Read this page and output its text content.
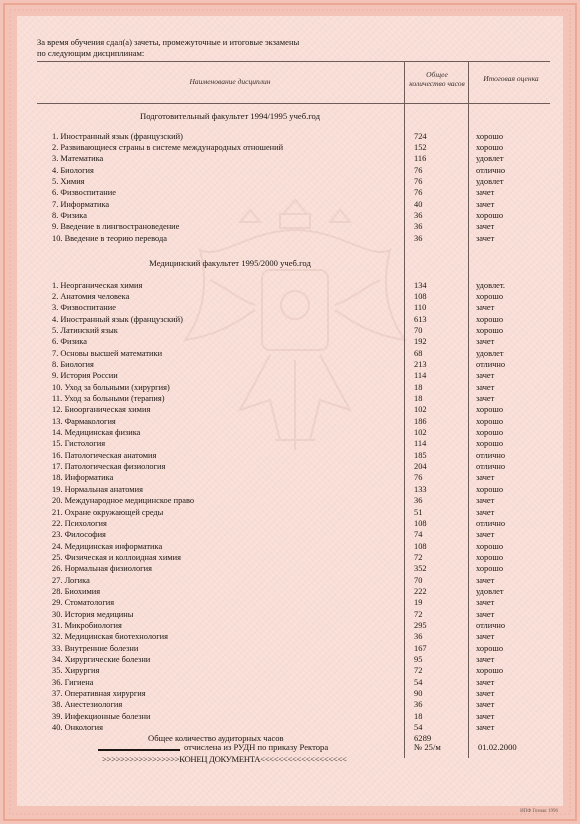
За время обучения сдал(а) зачеты, промежуточные и итоговые экзамены
по следующим дисциплинам:
Наименование дисциплин
Общее количество часов	Итоговая оценка
Подготовительный факультет 1994/1995 учеб.год
1. Иностранный язык (французский)	724	хорошо
2. Развивающиеся страны в системе международных отношений	152	хорошо
3. Математика	116	удовлет
4. Биология	76	отлично
5. Химия	76	удовлет
6. Физвоспитание	76	зачет
7. Информатика	40	зачет
8. Физика	36	хорошо
9. Введение в лингвострановедение	36	зачет
10. Введение в теорию перевода	36	зачет
Медицинский факультет 1995/2000 учеб.год
1. Неорганическая химия	134	удовлет.
2. Анатомия человека	108	хорошо
3. Физвоспитание	110	зачет
4. Иностранный язык (французский)	613	хорошо
5. Латинский язык	70	хорошо
6. Физика	192	зачет
7. Основы высшей математики	68	удовлет
8. Биология	213	отлично
9. История России	114	зачет
10. Уход за больными (хирургия)	18	зачет
11. Уход за больными (терапия)	18	зачет
12. Биоорганическая химия	102	хорошо
13. Фармакология	186	хорошо
14. Медицинская физика	102	хорошо
15. Гистология	114	хорошо
16. Патологическая анатомия	185	отлично
17. Патологическая физиология	204	отлично
18. Информатика	76	зачет
19. Нормальная анатомия	133	хорошо
20. Международное медицинское право	36	зачет
21. Охране окружающей среды	51	зачет
22. Психология	108	отлично
23. Философия	74	зачет
24. Медицинская информатика	108	хорошо
25. Физическая и коллоидная химия	72	хорошо
26. Нормальная физиология	352	хорошо
27. Логика	70	зачет
28. Биохимия	222	удовлет
29. Стоматология	19	зачет
30. История медицины	72	зачет
31. Микробиология	295	отлично
32. Медицинская биотехнология	36	зачет
33. Внутренние болезни	167	хорошо
34. Хирургические болезни	95	зачет
35. Хирургия	72	хорошо
36. Гигиена	54	зачет
37. Оперативная хирургия	90	зачет
38. Анестезиология	36	зачет
39. Инфекционные болезни	18	зачет
40. Онкология	54	зачет
Общее количество аудиторных часов	6289
отчислена из РУДН по приказу Ректора	№ 25/м	01.02.2000
>>>>>>>>>>>>>>>>>КОНЕЦ ДОКУМЕНТА<<<<<<<<<<<<<<<<<<<
ИПФ Гознак 1996
